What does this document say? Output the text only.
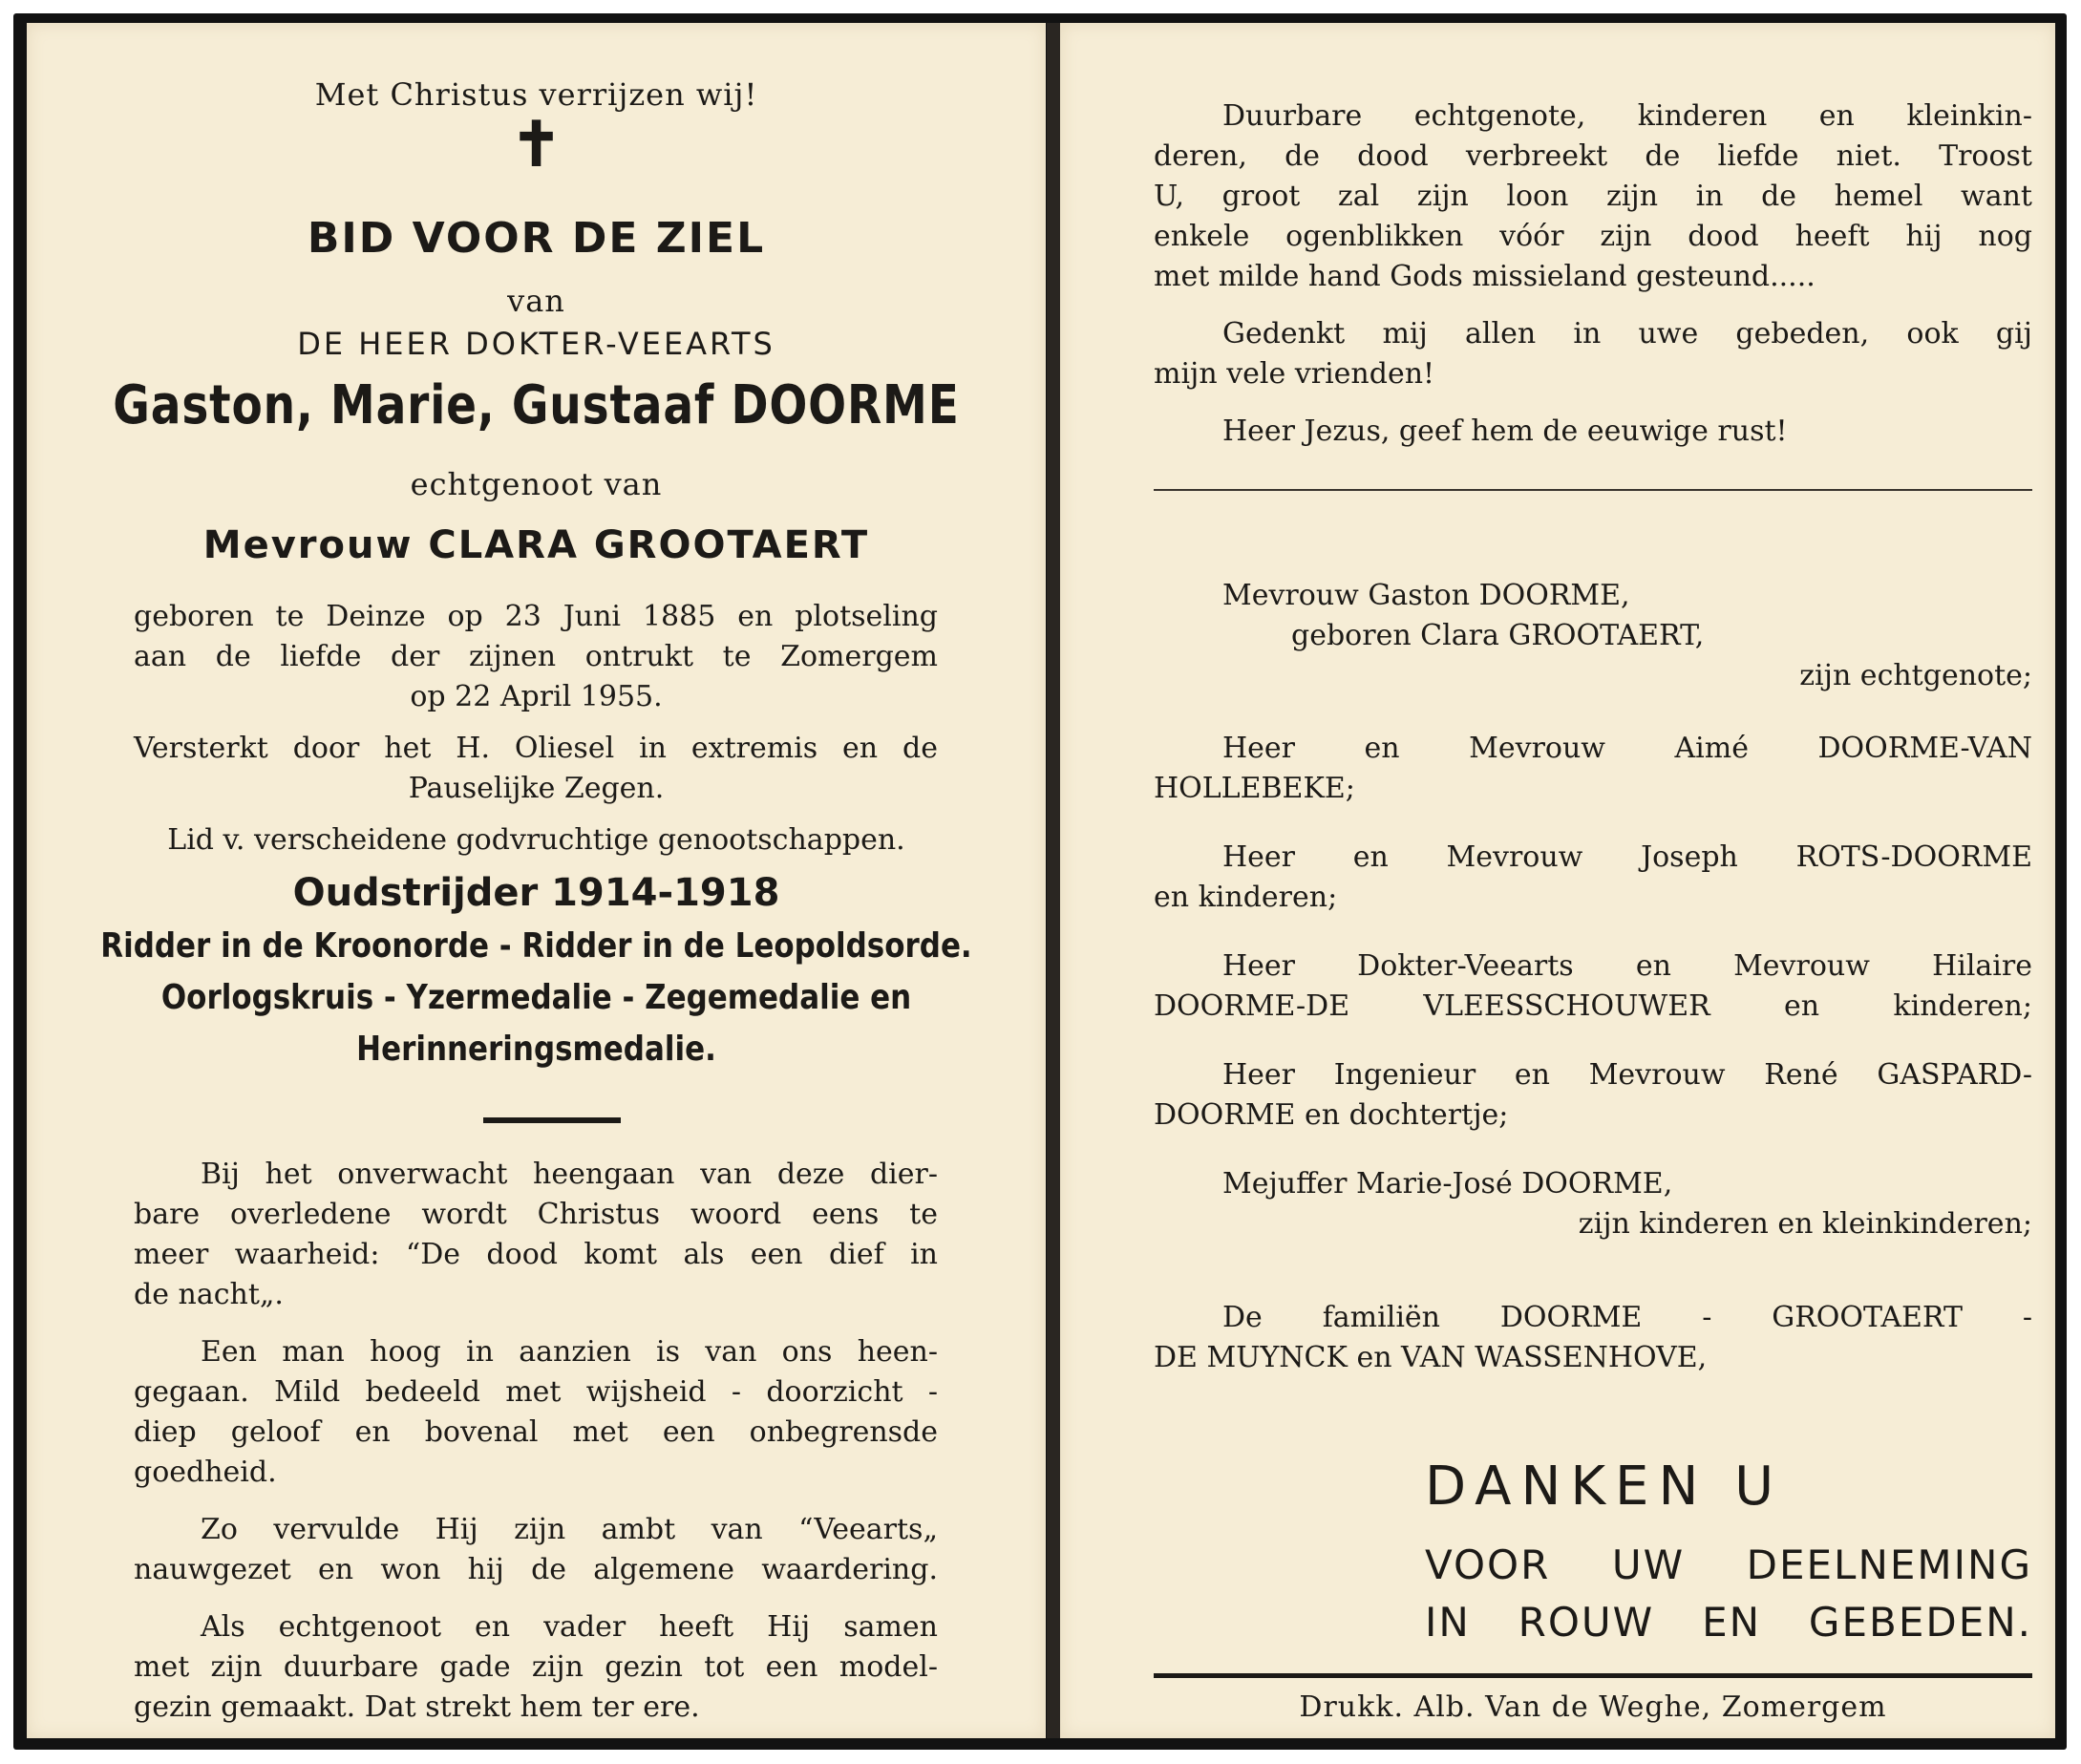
Met Christus verrijzen wij!
✝
BID VOOR DE ZIEL
van
DE HEER DOKTER-VEEARTS
Gaston, Marie, Gustaaf DOORME
echtgenoot van
Mevrouw CLARA GROOTAERT
geboren te Deinze op 23 Juni 1885 en plotseling
aan de liefde der zijnen ontrukt te Zomergem
op 22 April 1955.
Versterkt door het H. Oliesel in extremis en de
Pauselijke Zegen.
Lid v. verscheidene godvruchtige genootschappen.
Oudstrijder 1914-1918
Ridder in de Kroonorde - Ridder in de Leopoldsorde.
Oorlogskruis - Yzermedalie - Zegemedalie en
Herinneringsmedalie.
Bij het onverwacht heengaan van deze dier-
bare overledene wordt Christus woord eens te
meer waarheid: “De dood komt als een dief in
de nacht„.
Een man hoog in aanzien is van ons heen-
gegaan. Mild bedeeld met wijsheid - doorzicht -
diep geloof en bovenal met een onbegrensde
goedheid.
Zo vervulde Hij zijn ambt van “Veearts„
nauwgezet en won hij de algemene waardering.
Als echtgenoot en vader heeft Hij samen
met zijn duurbare gade zijn gezin tot een model-
gezin gemaakt. Dat strekt hem ter ere.
Duurbare echtgenote, kinderen en kleinkin-
deren, de dood verbreekt de liefde niet. Troost
U, groot zal zijn loon zijn in de hemel want
enkele ogenblikken vóór zijn dood heeft hij nog
met milde hand Gods missieland gesteund.....
Gedenkt mij allen in uwe gebeden, ook gij
mijn vele vrienden!
Heer Jezus, geef hem de eeuwige rust!
Mevrouw Gaston DOORME,
geboren Clara GROOTAERT,
zijn echtgenote;
Heer en Mevrouw Aimé DOORME-VAN
HOLLEBEKE;
Heer en Mevrouw Joseph ROTS-DOORME
en kinderen;
Heer Dokter-Veearts en Mevrouw Hilaire
DOORME-DE VLEESSCHOUWER en kinderen;
Heer Ingenieur en Mevrouw René GASPARD-
DOORME en dochtertje;
Mejuffer Marie-José DOORME,
zijn kinderen en kleinkinderen;
De familiën DOORME - GROOTAERT -
DE MUYNCK en VAN WASSENHOVE,
DANKEN U
VOOR UW DEELNEMING
IN ROUW EN GEBEDEN.
Drukk. Alb. Van de Weghe, Zomergem
